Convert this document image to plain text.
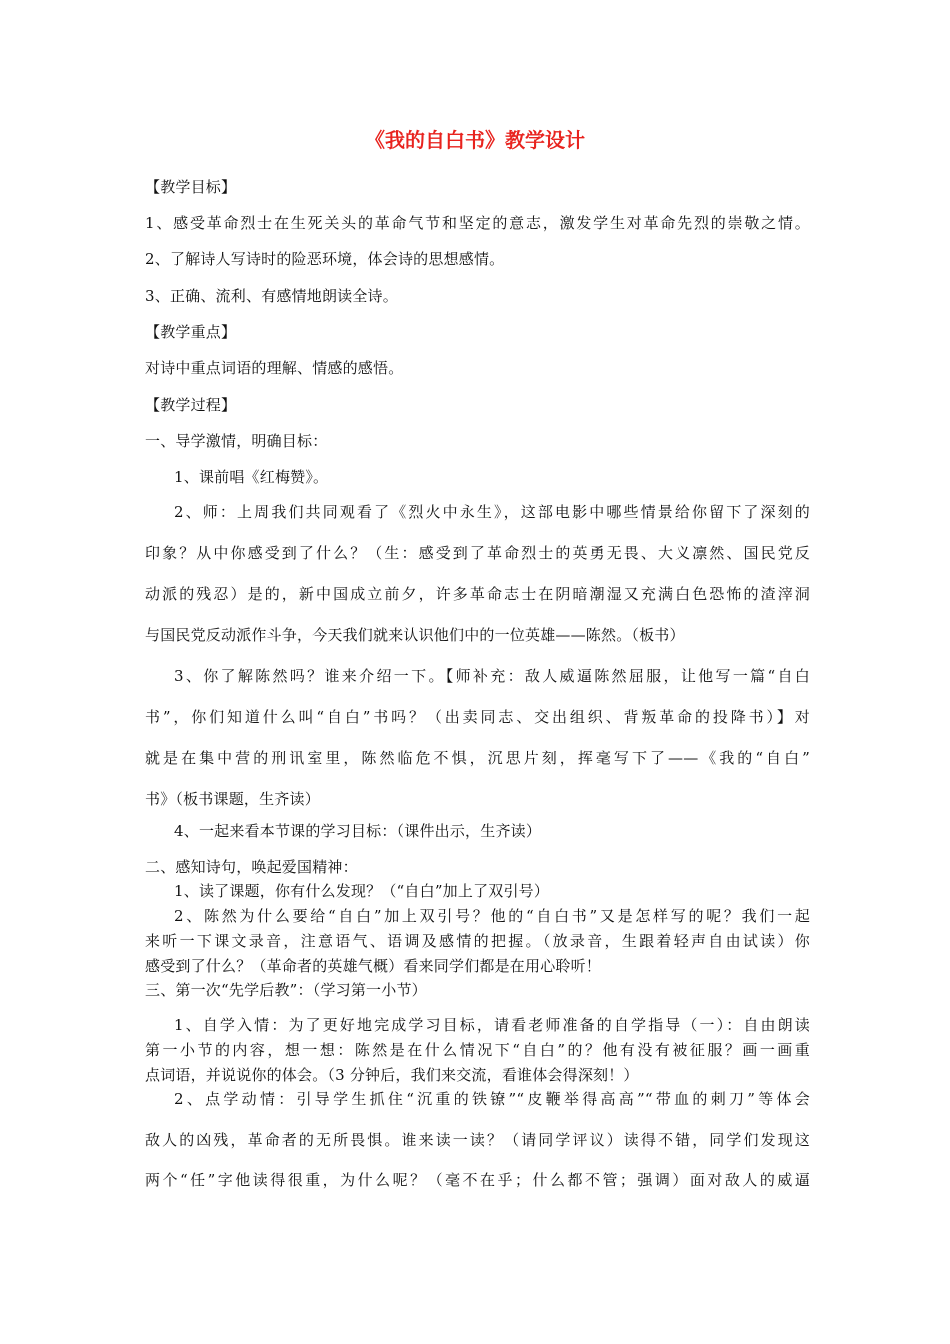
《我的自白书》教学设计
【教学目标】
1、感受革命烈士在生死关头的革命气节和坚定的意志，激发学生对革命先烈的崇敬之情。
2、了解诗人写诗时的险恶环境，体会诗的思想感情。
3、正确、流利、有感情地朗读全诗。
【教学重点】
对诗中重点词语的理解、情感的感悟。
【教学过程】
一、导学激情，明确目标：
1、课前唱《红梅赞》。
2、师：上周我们共同观看了《烈火中永生》，这部电影中哪些情景给你留下了深刻的
印象？从中你感受到了什么？（生：感受到了革命烈士的英勇无畏、大义凛然、国民党反
动派的残忍）是的，新中国成立前夕，许多革命志士在阴暗潮湿又充满白色恐怖的渣滓洞
与国民党反动派作斗争，今天我们就来认识他们中的一位英雄——陈然。（板书）
3、你了解陈然吗？谁来介绍一下。【师补充：敌人威逼陈然屈服，让他写一篇“自白
书”，你们知道什么叫“自白”书吗？（出卖同志、交出组织、背叛革命的投降书）】对
就是在集中营的刑讯室里，陈然临危不惧，沉思片刻，挥毫写下了——《我的“自白”
书》（板书课题，生齐读）
4、一起来看本节课的学习目标：（课件出示，生齐读）
二、感知诗句，唤起爱国精神：
1、读了课题，你有什么发现？（“自白”加上了双引号）
2、陈然为什么要给“自白”加上双引号？他的“自白书”又是怎样写的呢？我们一起
来听一下课文录音，注意语气、语调及感情的把握。（放录音，生跟着轻声自由试读）你
感受到了什么？（革命者的英雄气概）看来同学们都是在用心聆听！
三、第一次“先学后教”：（学习第一小节）
1、自学入情：为了更好地完成学习目标，请看老师准备的自学指导（一）：自由朗读
第一小节的内容，想一想：陈然是在什么情况下“自白”的？他有没有被征服？画一画重
点词语，并说说你的体会。（3 分钟后，我们来交流，看谁体会得深刻！）
2、点学动情：引导学生抓住“沉重的铁镣”“皮鞭举得高高”“带血的刺刀”等体会
敌人的凶残，革命者的无所畏惧。谁来读一读？（请同学评议）读得不错，同学们发现这
两个“任”字他读得很重，为什么呢？（毫不在乎；什么都不管；强调）面对敌人的威逼
